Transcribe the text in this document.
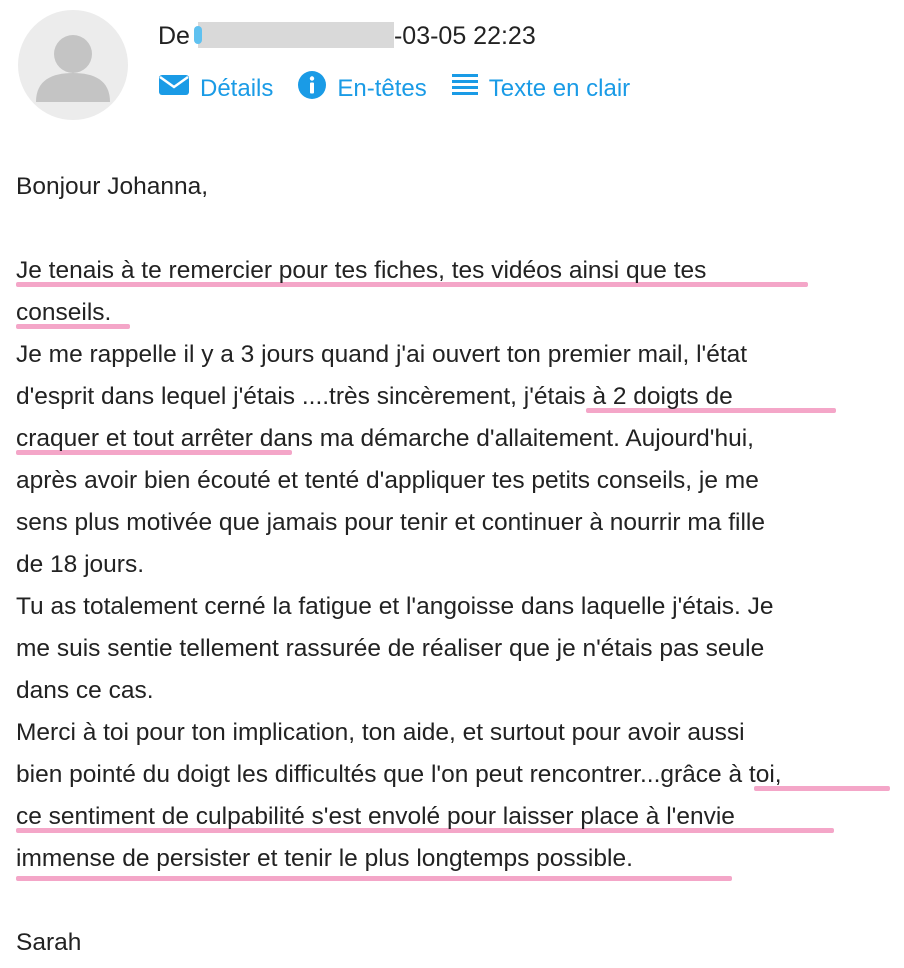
De	-03-05 22:23
Détails	En-têtes	Texte en clair

Bonjour Johanna,

Je tenais à te remercier pour tes fiches, tes vidéos ainsi que tes

conseils.

Je me rappelle il y a 3 jours quand j'ai ouvert ton premier mail, l'état

d'esprit dans lequel j'étais ....très sincèrement, j'étais à 2 doigts de

craquer et tout arrêter dans ma démarche d'allaitement. Aujourd'hui,

après avoir bien écouté et tenté d'appliquer tes petits conseils, je me

sens plus motivée que jamais pour tenir et continuer à nourrir ma fille

de 18 jours.

Tu as totalement cerné la fatigue et l'angoisse dans laquelle j'étais. Je

me suis sentie tellement rassurée de réaliser que je n'étais pas seule

dans ce cas.

Merci à toi pour ton implication, ton aide, et surtout pour avoir aussi

bien pointé du doigt les difficultés que l'on peut rencontrer...grâce à toi,

ce sentiment de culpabilité s'est envolé pour laisser place à l'envie

immense de persister et tenir le plus longtemps possible.

Sarah
